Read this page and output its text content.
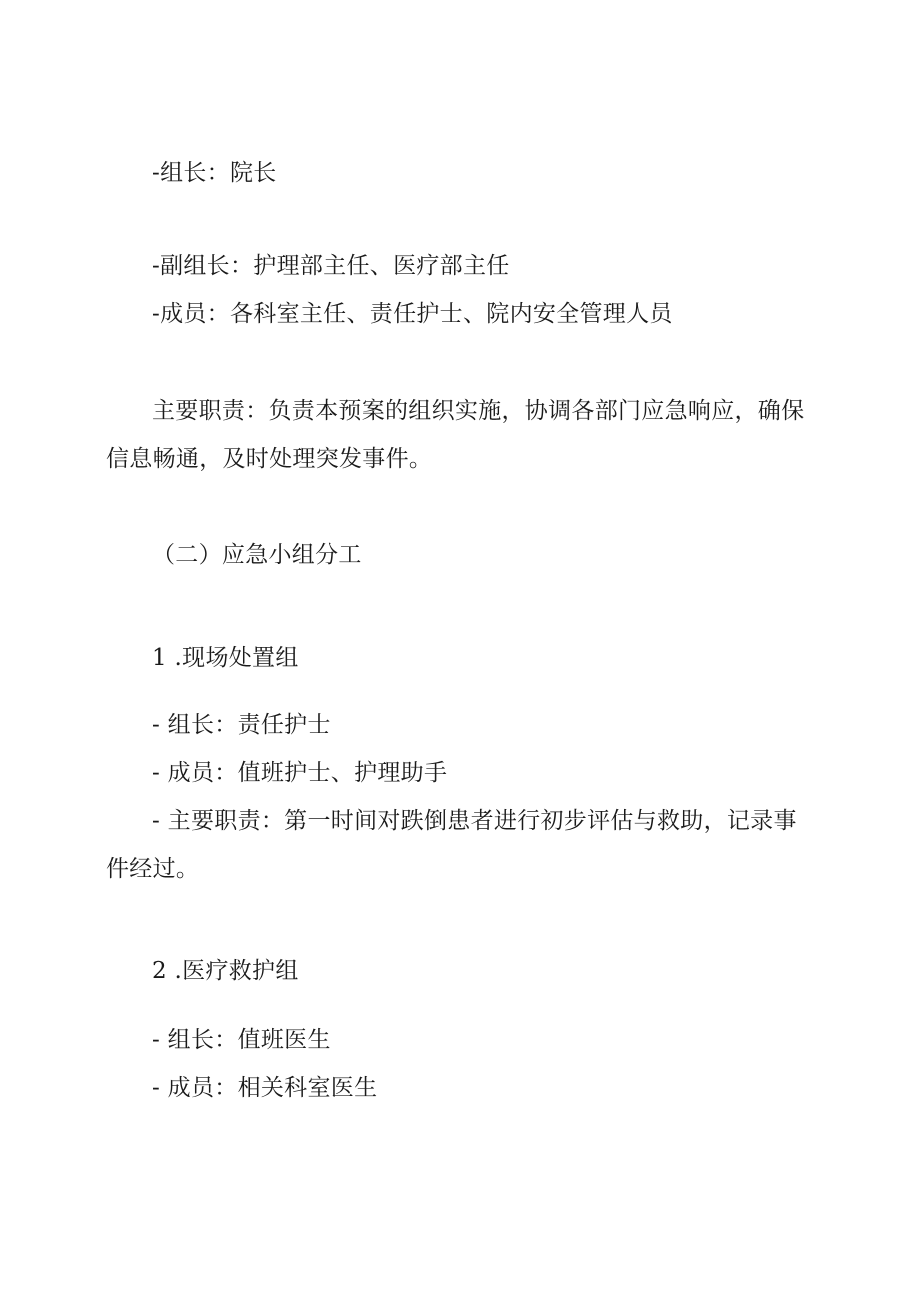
-组长：院长

-副组长：护理部主任、医疗部主任

-成员：各科室主任、责任护士、院内安全管理人员

主要职责：负责本预案的组织实施，协调各部门应急响应，确保

信息畅通，及时处理突发事件。

（二）应急小组分工

1 .现场处置组

- 组长：责任护士

- 成员：值班护士、护理助手

- 主要职责：第一时间对跌倒患者进行初步评估与救助，记录事

件经过。

2 .医疗救护组

- 组长：值班医生

- 成员：相关科室医生
